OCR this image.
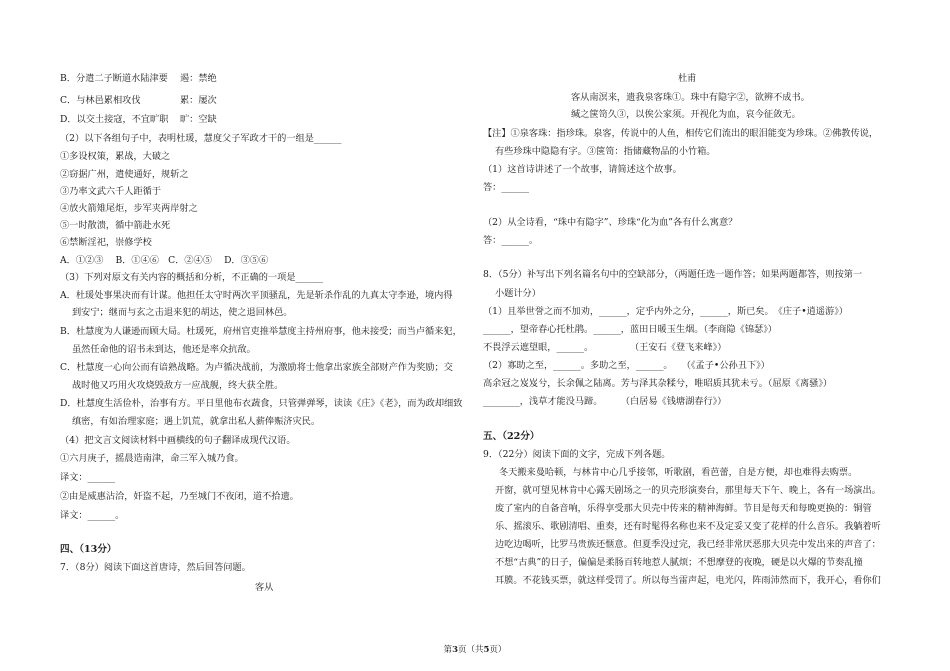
B．分遣二子断道水陆津要 遏：禁绝
C．与林邑累相攻伐	累：屡次
D．以交土接寇，不宜旷职 旷：空缺
（2）以下各组句子中，表明杜瑗，慧度父子军政才干的一组是______
①多设权策，累战，大破之
②窃据广州，遣使通好，规斩之
③乃率文武六千人距循于
④放火箭雉尾炬，步军夹两岸射之
⑤一时散溃，循中箭赴水死
⑥禁断淫祀，崇修学校
A．①②③　 B．①④⑥　C．②④⑤　 D．③⑤⑥
（3）下列对原文有关内容的概括和分析，不正确的一项是______
A．杜瑗处事果决而有计谋。他担任太守时两次平顶骚乱，先是斩杀作乱的九真太守李逊，境内得
到安宁；继而与玄之击退来犯的胡达，使之退回林邑。
B．杜慧度为人谦逊而顾大局。杜瑗死，府州官吏推举慧度主持州府事，他未接受；而当卢循来犯，
虽然任命他的诏书未到达，他还是率众抗敌。
C．杜慧度一心向公而有谙熟战略。为卢循决战前，为激励将士他拿出家族全部财产作为奖励；交
战时他又巧用火攻烧毁敌方一应战舰，终大获全胜。
D．杜慧度生活俭朴，治事有方。平日里他布衣蔬食，只管弹弹琴，读读《庄》《老》，而为政却细致
缜密，有如治理家庭；遇上饥荒，就拿出私人薪俸赈济灾民。
（4）把文言文阅读材料中画横线的句子翻译成现代汉语。
①六月庚子，摇晨造南津，命三军入城乃食。
译文：______
②由是威惠沾洽，奸盗不起，乃至城门不夜闭，道不拾遗。
译文：______。
四、（13分）
7．（8分）阅读下面这首唐诗，然后回答问题。
客从
杜甫
客从南溟来，遗我泉客珠①。珠中有隐字②，欲辨不成书。
缄之箧笥久③，以俟公家须。开视化为血，哀今征敛无。
【注】①泉客珠：指珍珠。泉客，传说中的人鱼，相传它们流出的眼泪能变为珍珠。②佛教传说，
有些珍珠中隐隐有字。③箧笥：指储藏物品的小竹箱。
（1）这首诗讲述了一个故事，请简述这个故事。
答：______
（2）从全诗看，“珠中有隐字”、珍珠“化为血”各有什么寓意？
答：______。
8．（5分）补写出下列名篇名句中的空缺部分，（两题任选一题作答；如果两题都答，则按第一
小题计分）
（1）且举世誉之而不加劝，______，定乎内外之分，______，斯已矣。　《庄子•逍遥游》）
______，望帝春心托杜鹃。______，蓝田日暖玉生烟。（李商隐《锦瑟》）
不畏浮云遮望眼，______。　　　　　（王安石《登飞来峰》）
（2）寡助之至，______。多助之至，______。　　（《孟子•公孙丑下》）
高余冠之岌岌兮，长余佩之陆离。芳与泽其杂糅兮，唯昭质其犹未亏。（屈原《离骚》）
________，浅草才能没马蹄。　　　（白居易《钱塘湖春行》）
五、（22分）
9．（22分）阅读下面的文字，完成下列各题。
冬天搬来曼哈顿，与林肯中心几乎接邻，听歌剧，看芭蕾，自是方便，却也难得去购票。
开窗，就可望见林肯中心露天剧场之一的贝壳形演奏台，那里每天下午、晚上，各有一场演出。
废了室内的自备音响，乐得享受那大贝壳中传来的精神海鲜。节目是每天和每晚更换的：铜管
乐、摇滚乐、歌剧清唱、重奏，还有时髦得名称也来不及定妥又变了花样的什么音乐。我躺着听
边吃边喝听，比罗马贵族还惬意。但夏季没过完，我已经非常厌恶那大贝壳中发出来的声音了：
不想“古典”的日子，偏偏是柔肠百转地惹人腻烦；不想摩登的夜晚，硬是以火爆的节奏乱撞
耳膜。不花钱买票，就这样受罚了。所以每当雷声起，电光闪，阵雨沛然而下，我开心，看你们
第3页（共5页）
